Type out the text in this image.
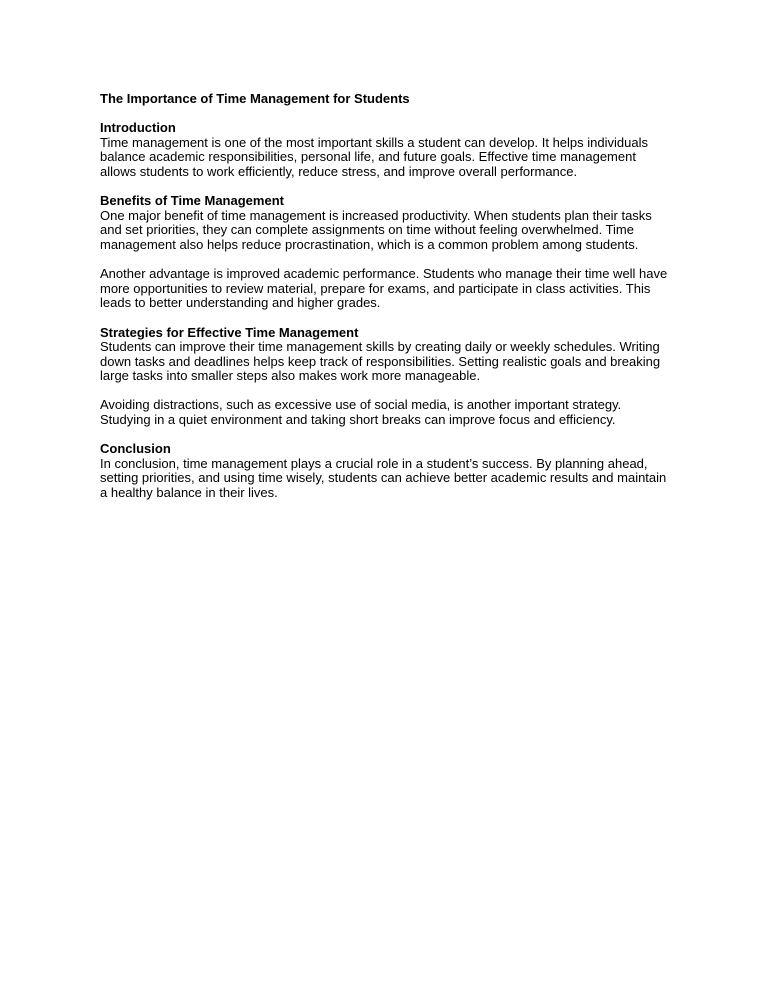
The Importance of Time Management for Students
Introduction

Time management is one of the most important skills a student can develop. It helps individuals balance academic responsibilities, personal life, and future goals. Effective time management allows students to work efficiently, reduce stress, and improve overall performance.

Benefits of Time Management

One major benefit of time management is increased productivity. When students plan their tasks and set priorities, they can complete assignments on time without feeling overwhelmed. Time management also helps reduce procrastination, which is a common problem among students.

Another advantage is improved academic performance. Students who manage their time well have more opportunities to review material, prepare for exams, and participate in class activities. This leads to better understanding and higher grades.

Strategies for Effective Time Management

Students can improve their time management skills by creating daily or weekly schedules. Writing down tasks and deadlines helps keep track of responsibilities. Setting realistic goals and breaking large tasks into smaller steps also makes work more manageable.

Avoiding distractions, such as excessive use of social media, is another important strategy. Studying in a quiet environment and taking short breaks can improve focus and efficiency.

Conclusion

In conclusion, time management plays a crucial role in a student’s success. By planning ahead, setting priorities, and using time wisely, students can achieve better academic results and maintain a healthy balance in their lives.
